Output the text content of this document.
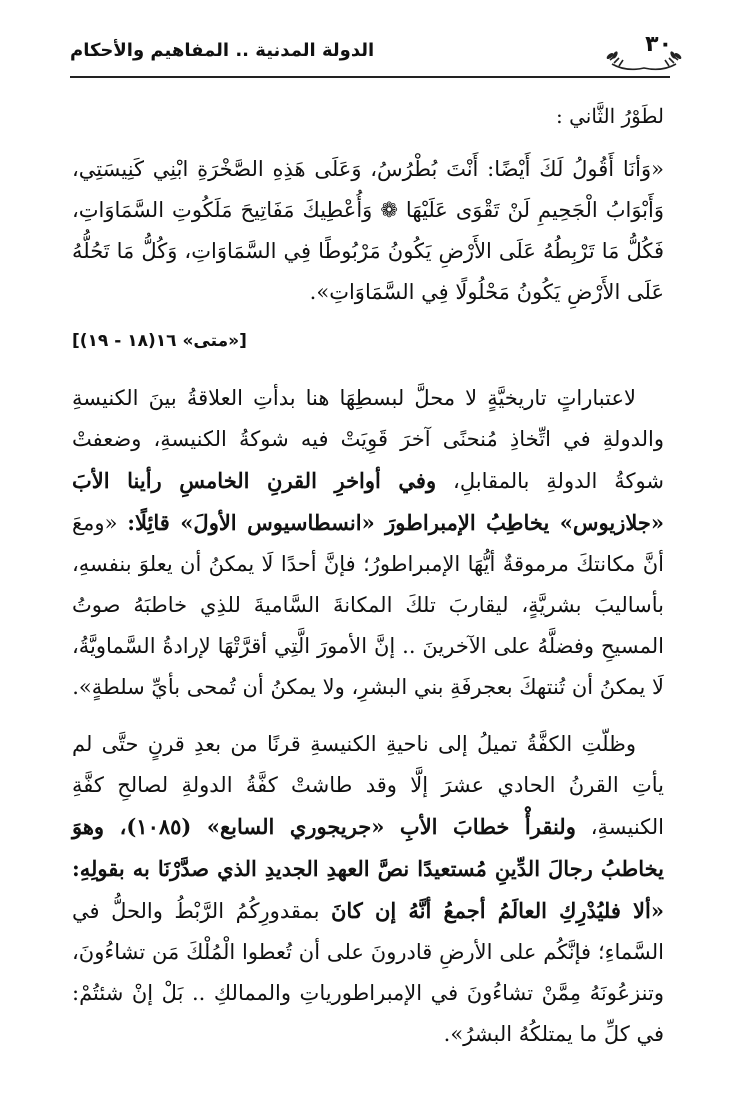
الدولة المدنية .. المفاهيم والأحكام	٣٠

لطَوْرُ الثَّاني :

«وَأنَا أَقُولُ لَكَ أَيْضًا: أَنْتَ بُطْرُسُ، وَعَلَى هَذِهِ الصَّخْرَةِ ابْنِي كَنِيسَتِي، وَأَبْوَابُ الْجَحِيمِ لَنْ تَقْوَى عَلَيْهَا ❁ وَأُعْطِيكَ مَفَاتِيحَ مَلَكُوتِ السَّمَاوَاتِ، فَكُلُّ مَا تَرْبِطُهُ عَلَى الأَرْضِ يَكُونُ مَرْبُوطًا فِي السَّمَاوَاتِ، وَكُلُّ مَا تَحُلُّهُ عَلَى الأَرْضِ يَكُونُ مَحْلُولًا فِي السَّمَاوَاتِ».

[«متى» ١٦(١٨ - ١٩)]

لاعتباراتٍ تاريخيَّةٍ لا محلَّ لبسطِهَا هنا بدأتِ العلاقةُ بينَ الكنيسةِ والدولةِ في اتِّخاذِ مُنحنًى آخرَ قَوِيَتْ فيه شوكةُ الكنيسةِ، وضعفتْ شوكةُ الدولةِ بالمقابلِ، وفي أواخرِ القرنِ الخامسِ رأينا الأبَ «جلازيوس» يخاطِبُ الإمبراطورَ «انسطاسيوس الأولَ» قائِلًا: «ومعَ أنَّ مكانتكَ مرموقةٌ أيُّهَا الإمبراطورُ؛ فإنَّ أحدًا لَا يمكنُ أن يعلوَ بنفسهِ، بأساليبَ بشريَّةٍ، ليقاربَ تلكَ المكانةَ السَّاميةَ للذِي خاطبَهُ صوتُ المسيحِ وفضلَّهُ على الآخرينَ .. إنَّ الأمورَ الَّتِي أقرَّتْهَا لإرادةُ السَّماويَّةُ، لَا يمكنُ أن تُنتهكَ بعجرفَةِ بني البشرِ، ولا يمكنُ أن تُمحى بأيِّ سلطةٍ».

وظلّتِ الكفَّةُ تميلُ إلى ناحيةِ الكنيسةِ قرنًا من بعدِ قرنٍ حتَّى لم يأتِ القرنُ الحادي عشرَ إلَّا وقد طاشتْ كفَّةُ الدولةِ لصالحِ كفَّةِ الكنيسةِ، ولنقرأْ خطابَ الأبِ «جريجوري السابع» (١٠٨٥)، وهوَ يخاطبُ رجالَ الدِّينِ مُستعيدًا نصَّ العهدِ الجديدِ الذي صدَّرْنَا به بقولِهِ: «ألا فليُدْرِكِ العالَمُ أجمعُ أنَّهُ إن كانَ بمقدورِكُمُ الرَّبْطُ والحلُّ في السَّماءِ؛ فإنَّكُم على الأرضِ قادرونَ على أن تُعطوا الْمُلْكَ مَن تشاءُونَ، وتنزعُونَهُ مِمَّنْ تشاءُونَ في الإمبراطورياتِ والممالكِ .. بَلْ إنْ شئتُمْ: في كلِّ ما يمتلكُهُ البشرُ».
